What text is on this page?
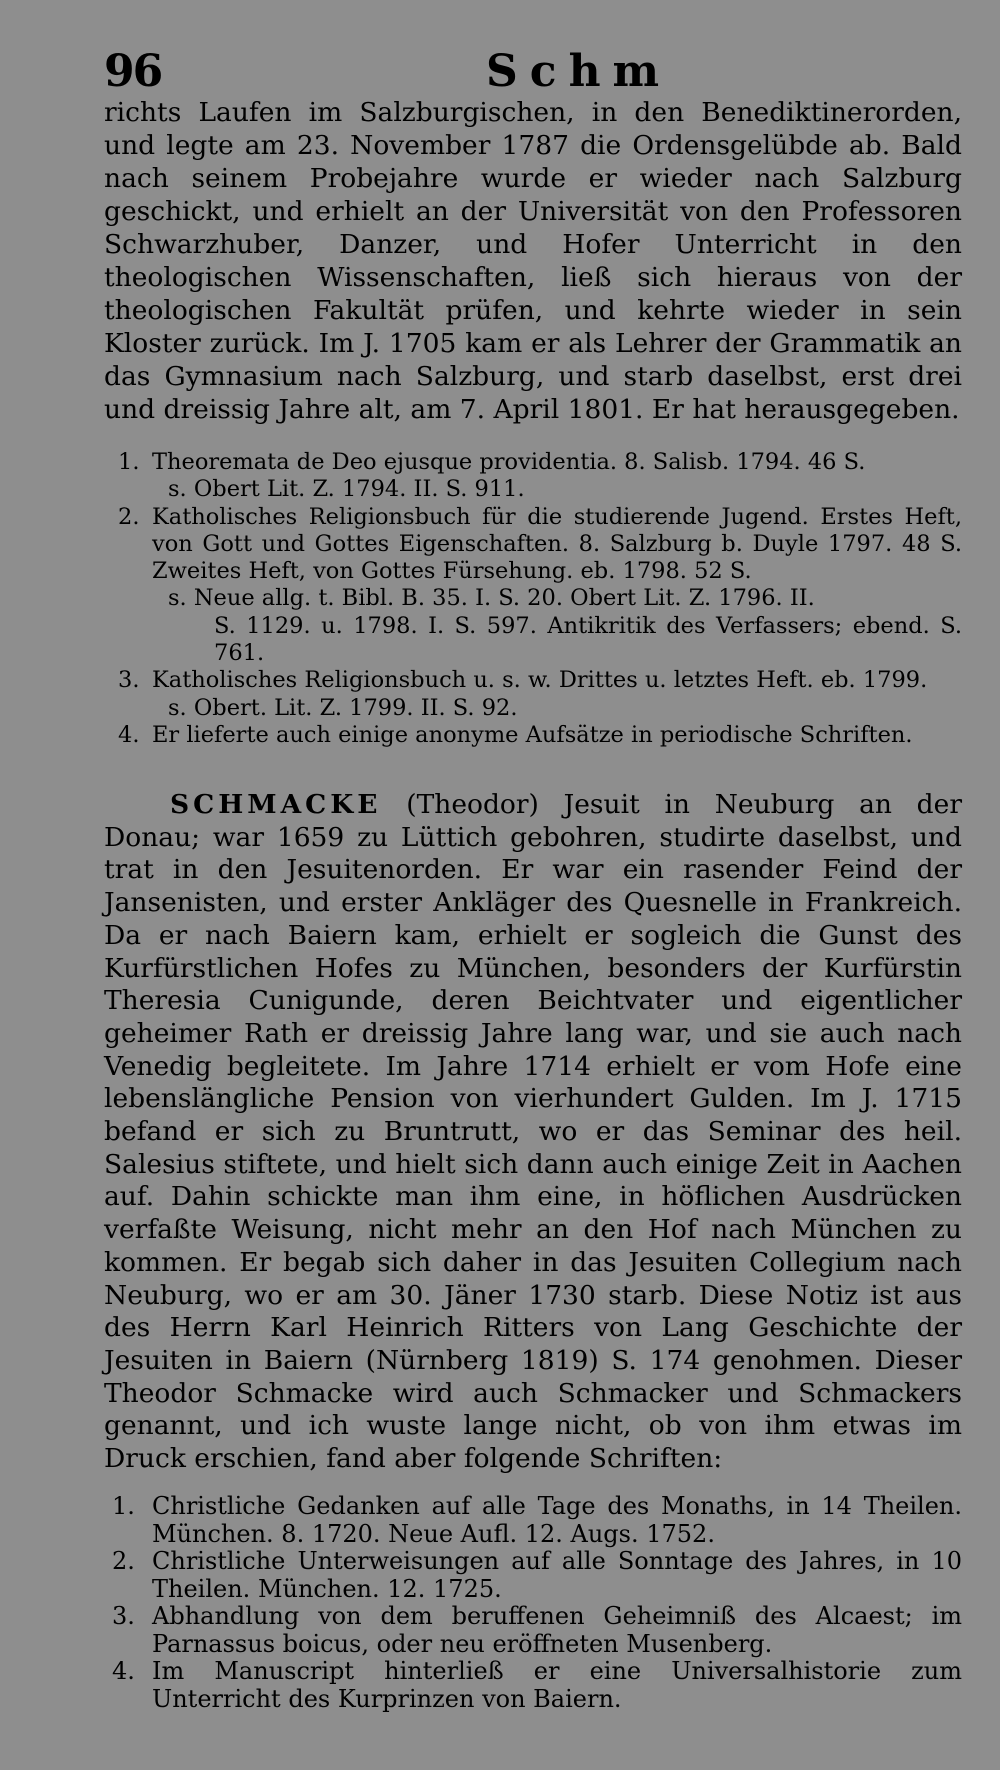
96	Schm
richts Laufen im Salzburgischen, in den Benediktinerorden, und legte am 23. November 1787 die Ordensgelübde ab. Bald nach seinem Probejahre wurde er wieder nach Salzburg geschickt, und erhielt an der Universität von den Professoren Schwarzhuber, Danzer, und Hofer Unterricht in den theologischen Wissenschaften, ließ sich hieraus von der theologischen Fakultät prüfen, und kehrte wieder in sein Kloster zurück. Im J. 1705 kam er als Lehrer der Grammatik an das Gymnasium nach Salzburg, und starb daselbst, erst drei und dreissig Jahre alt, am 7. April 1801. Er hat herausgegeben.
1. Theoremata de Deo ejusque providentia. 8. Salisb. 1794. 46 S.
s. Obert Lit. Z. 1794. II. S. 911.
2. Katholisches Religionsbuch für die studierende Jugend. Erstes Heft, von Gott und Gottes Eigenschaften. 8. Salzburg b. Duyle 1797. 48 S. Zweites Heft, von Gottes Fürsehung. eb. 1798. 52 S.
s. Neue allg. t. Bibl. B. 35. I. S. 20. Obert Lit. Z. 1796. II.
S. 1129. u. 1798. I. S. 597. Antikritik des Verfassers; ebend. S. 761.
3. Katholisches Religionsbuch u. s. w. Drittes u. letztes Heft. eb. 1799.
s. Obert. Lit. Z. 1799. II. S. 92.
4. Er lieferte auch einige anonyme Aufsätze in periodische Schriften.
SCHMACKE (Theodor) Jesuit in Neuburg an der Donau; war 1659 zu Lüttich gebohren, studirte daselbst, und trat in den Jesuitenorden. Er war ein rasender Feind der Jansenisten, und erster Ankläger des Quesnelle in Frankreich. Da er nach Baiern kam, erhielt er sogleich die Gunst des Kurfürstlichen Hofes zu München, besonders der Kurfürstin Theresia Cunigunde, deren Beichtvater und eigentlicher geheimer Rath er dreissig Jahre lang war, und sie auch nach Venedig begleitete. Im Jahre 1714 erhielt er vom Hofe eine lebenslängliche Pension von vierhundert Gulden. Im J. 1715 befand er sich zu Bruntrutt, wo er das Seminar des heil. Salesius stiftete, und hielt sich dann auch einige Zeit in Aachen auf. Dahin schickte man ihm eine, in höflichen Ausdrücken verfaßte Weisung, nicht mehr an den Hof nach München zu kommen. Er begab sich daher in das Jesuiten Collegium nach Neuburg, wo er am 30. Jäner 1730 starb. Diese Notiz ist aus des Herrn Karl Heinrich Ritters von Lang Geschichte der Jesuiten in Baiern (Nürnberg 1819) S. 174 genohmen. Dieser Theodor Schmacke wird auch Schmacker und Schmackers genannt, und ich wuste lange nicht, ob von ihm etwas im Druck erschien, fand aber folgende Schriften:
1. Christliche Gedanken auf alle Tage des Monaths, in 14 Theilen. München. 8. 1720. Neue Aufl. 12. Augs. 1752.
2. Christliche Unterweisungen auf alle Sonntage des Jahres, in 10 Theilen. München. 12. 1725.
3. Abhandlung von dem beruffenen Geheimniß des Alcaest; im Parnassus boicus, oder neu eröffneten Musenberg.
4. Im Manuscript hinterließ er eine Universalhistorie zum Unterricht des Kurprinzen von Baiern.
